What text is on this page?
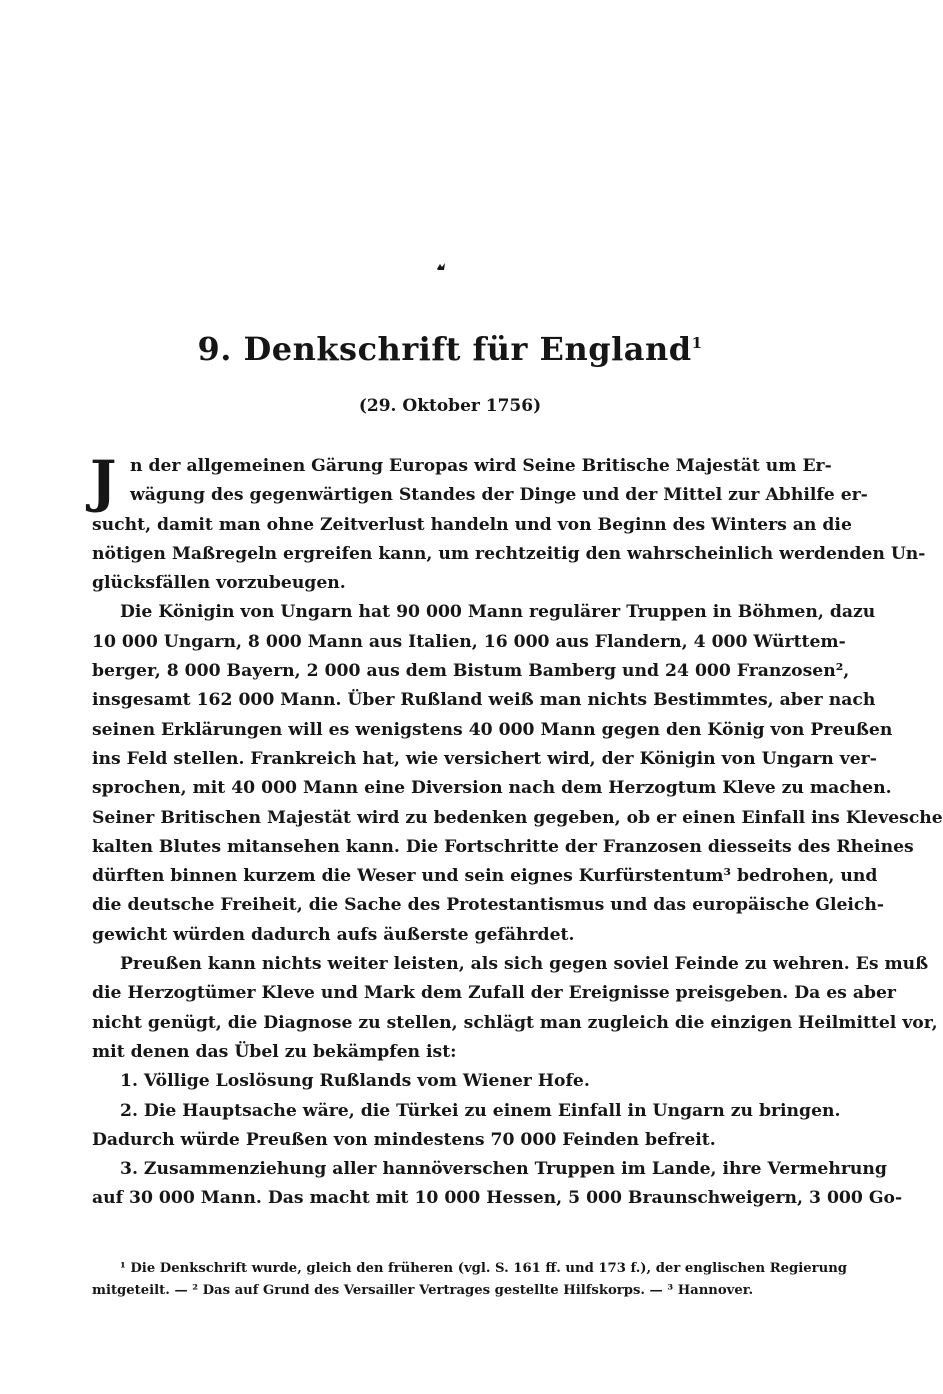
9. Denkschrift für England$^1$
(29. Oktober 1756)
J n der allgemeinen Gärung Europas wird Seine Britische Majestät um Er-
wägung des gegenwärtigen Standes der Dinge und der Mittel zur Abhilfe er-
sucht, damit man ohne Zeitverlust handeln und von Beginn des Winters an die
nötigen Maßregeln ergreifen kann, um rechtzeitig den wahrscheinlich werdenden Un-
glücksfällen vorzubeugen.
Die Königin von Ungarn hat 90 000 Mann regulärer Truppen in Böhmen, dazu
10 000 Ungarn, 8 000 Mann aus Italien, 16 000 aus Flandern, 4 000 Württem-
berger, 8 000 Bayern, 2 000 aus dem Bistum Bamberg und 24 000 Franzosen²,
insgesamt 162 000 Mann. Über Rußland weiß man nichts Bestimmtes, aber nach
seinen Erklärungen will es wenigstens 40 000 Mann gegen den König von Preußen
ins Feld stellen. Frankreich hat, wie versichert wird, der Königin von Ungarn ver-
sprochen, mit 40 000 Mann eine Diversion nach dem Herzogtum Kleve zu machen.
Seiner Britischen Majestät wird zu bedenken gegeben, ob er einen Einfall ins Klevesche
kalten Blutes mitansehen kann. Die Fortschritte der Franzosen diesseits des Rheines
dürften binnen kurzem die Weser und sein eignes Kurfürstentum³ bedrohen, und
die deutsche Freiheit, die Sache des Protestantismus und das europäische Gleich-
gewicht würden dadurch aufs äußerste gefährdet.
Preußen kann nichts weiter leisten, als sich gegen soviel Feinde zu wehren. Es muß
die Herzogtümer Kleve und Mark dem Zufall der Ereignisse preisgeben. Da es aber
nicht genügt, die Diagnose zu stellen, schlägt man zugleich die einzigen Heilmittel vor,
mit denen das Übel zu bekämpfen ist:
1. Völlige Loslösung Rußlands vom Wiener Hofe.
2. Die Hauptsache wäre, die Türkei zu einem Einfall in Ungarn zu bringen.
Dadurch würde Preußen von mindestens 70 000 Feinden befreit.
3. Zusammenziehung aller hannöverschen Truppen im Lande, ihre Vermehrung
auf 30 000 Mann. Das macht mit 10 000 Hessen, 5 000 Braunschweigern, 3 000 Go-
¹ Die Denkschrift wurde, gleich den früheren (vgl. S. 161 ff. und 173 f.), der englischen Regierung
mitgeteilt. — ² Das auf Grund des Versailler Vertrages gestellte Hilfskorps. — ³ Hannover.
